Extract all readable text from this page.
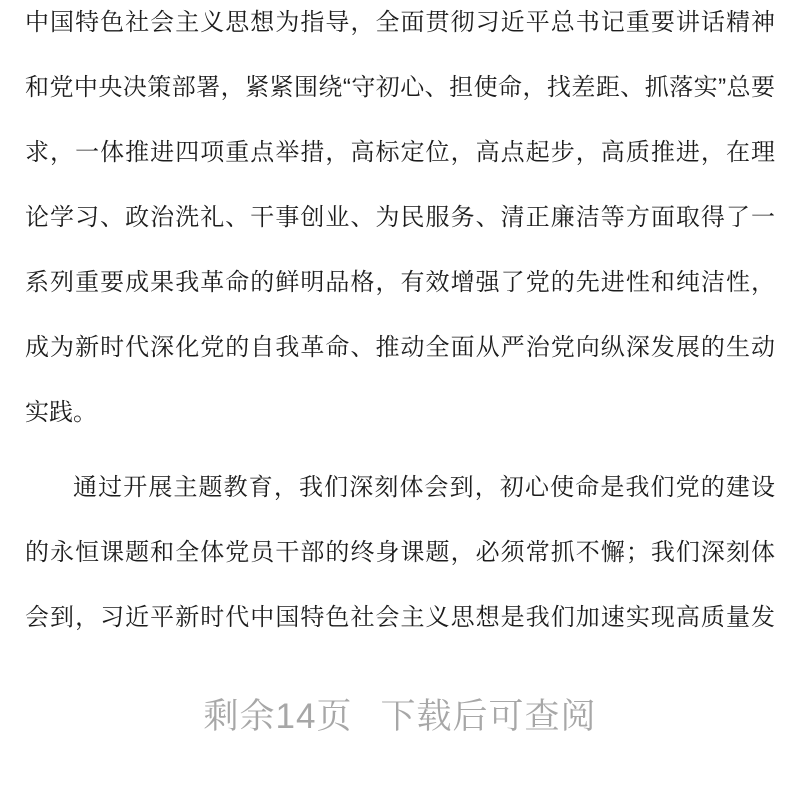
中国特色社会主义思想为指导，全面贯彻习近平总书记重要讲话精神
和党中央决策部署，紧紧围绕“守初心、担使命，找差距、抓落实”总要
求，一体推进四项重点举措，高标定位，高点起步，高质推进，在理
论学习、政治洗礼、干事创业、为民服务、清正廉洁等方面取得了一
系列重要成果我革命的鲜明品格，有效增强了党的先进性和纯洁性，
成为新时代深化党的自我革命、推动全面从严治党向纵深发展的生动
实践。
通过开展主题教育，我们深刻体会到，初心使命是我们党的建设
的永恒课题和全体党员干部的终身课题，必须常抓不懈；我们深刻体
会到，习近平新时代中国特色社会主义思想是我们加速实现高质量发
剩余14页 下载后可查阅
